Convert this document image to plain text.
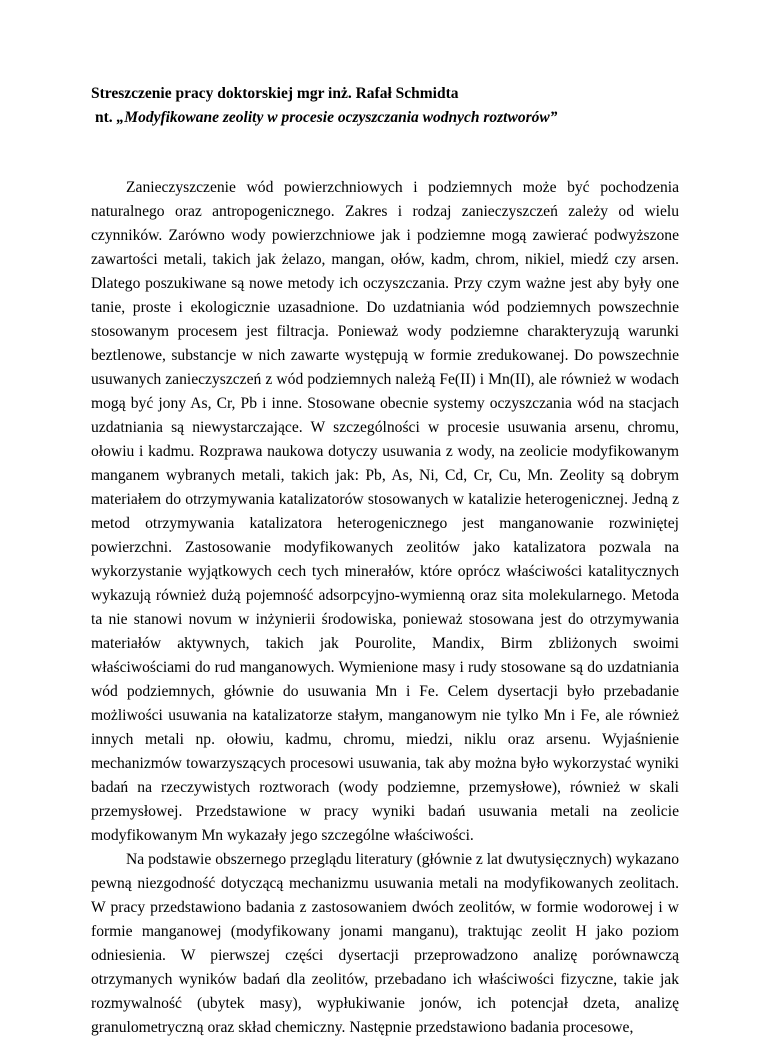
Streszczenie pracy doktorskiej mgr inż. Rafał Schmidta

nt. „Modyfikowane zeolity w procesie oczyszczania wodnych roztworów”

Zanieczyszczenie wód powierzchniowych i podziemnych może być pochodzenia naturalnego oraz antropogenicznego. Zakres i rodzaj zanieczyszczeń zależy od wielu czynników. Zarówno wody powierzchniowe jak i podziemne mogą zawierać podwyższone zawartości metali, takich jak żelazo, mangan, ołów, kadm, chrom, nikiel, miedź czy arsen. Dlatego poszukiwane są nowe metody ich oczyszczania. Przy czym ważne jest aby były one tanie, proste i ekologicznie uzasadnione. Do uzdatniania wód podziemnych powszechnie stosowanym procesem jest filtracja. Ponieważ wody podziemne charakteryzują warunki beztlenowe, substancje w nich zawarte występują w formie zredukowanej. Do powszechnie usuwanych zanieczyszczeń z wód podziemnych należą Fe(II) i Mn(II), ale również w wodach mogą być jony As, Cr, Pb i inne. Stosowane obecnie systemy oczyszczania wód na stacjach uzdatniania są niewystarczające. W szczególności w procesie usuwania arsenu, chromu, ołowiu i kadmu. Rozprawa naukowa dotyczy usuwania z wody, na zeolicie modyfikowanym manganem wybranych metali, takich jak: Pb, As, Ni, Cd, Cr, Cu, Mn. Zeolity są dobrym materiałem do otrzymywania katalizatorów stosowanych w katalizie heterogenicznej. Jedną z metod otrzymywania katalizatora heterogenicznego jest manganowanie rozwiniętej powierzchni. Zastosowanie modyfikowanych zeolitów jako katalizatora pozwala na wykorzystanie wyjątkowych cech tych minerałów, które oprócz właściwości katalitycznych wykazują również dużą pojemność adsorpcyjno-wymienną oraz sita molekularnego. Metoda ta nie stanowi novum w inżynierii środowiska, ponieważ stosowana jest do otrzymywania materiałów aktywnych, takich jak Pourolite, Mandix, Birm zbliżonych swoimi właściwościami do rud manganowych. Wymienione masy i rudy stosowane są do uzdatniania wód podziemnych, głównie do usuwania Mn i Fe. Celem dysertacji było przebadanie możliwości usuwania na katalizatorze stałym, manganowym nie tylko Mn i Fe, ale również innych metali np. ołowiu, kadmu, chromu, miedzi, niklu oraz arsenu. Wyjaśnienie mechanizmów towarzyszących procesowi usuwania, tak aby można było wykorzystać wyniki badań na rzeczywistych roztworach (wody podziemne, przemysłowe), również w skali przemysłowej. Przedstawione w pracy wyniki badań usuwania metali na zeolicie modyfikowanym Mn wykazały jego szczególne właściwości.

Na podstawie obszernego przeglądu literatury (głównie z lat dwutysięcznych) wykazano pewną niezgodność dotyczącą mechanizmu usuwania metali na modyfikowanych zeolitach. W pracy przedstawiono badania z zastosowaniem dwóch zeolitów, w formie wodorowej i w formie manganowej (modyfikowany jonami manganu), traktując zeolit H jako poziom odniesienia. W pierwszej części dysertacji przeprowadzono analizę porównawczą otrzymanych wyników badań dla zeolitów, przebadano ich właściwości fizyczne, takie jak rozmywalność (ubytek masy), wypłukiwanie jonów, ich potencjał dzeta, analizę granulometryczną oraz skład chemiczny. Następnie przedstawiono badania procesowe,
